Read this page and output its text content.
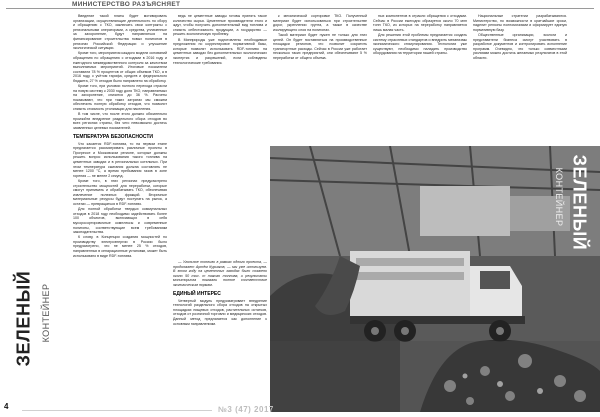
МИНИСТЕРСТВО РАЗЪЯСНЯЕТ
ЗЕЛЕНЫЙ КОНТЕЙНЕР

Введение такой платы будет мотивировать организации, осуществляющие деятельность по сбору и обращению с ТКО, заключать свои контракты с региональными операторами, а средства, уплаченные за захоронение, будут направляться на финансирование строительства новых полигонов в регионах Российской Федерации и улучшение экологической ситуации.

Кроме того, мероприятия каждого модели оснований обращению по обращению с отходами в 2016 году и ежегодного межведомственного контроля за качеством выполняемых мероприятий. Итоговые показатели составили 78 % процентов от общих объемов ТКО, а в 2016 году, с учётом тарифа, средств и федерального бюджета, 27 % отходов было направлено на обработку.

Кроме того, при условии полного перехода отрасли на новую систему к 2030 году доля ТКО, направляемых на захоронение, снизится до 36 %. Расчеты показывают, что при таких затратах мы сможем обеспечить полную обработку отходов, что позволит снизить стоимость утилизации для населения.

В том числе, что после этого должно обязательно произойти внедрение раздельного сбора отходов во всех регионах страны, без чего невозможно достичь заявленных целевых показателей.

ТЕМПЕРАТУРА БЕЗОПАСНОСТИ

Что касается RDF-топлива, то на первом этапе предлагается рассматривать различные проекты в Прогрессе и Московском регионе, которые должны решить вопрос использования такого топлива на цементных заводах и в региональных котельных. При этом температура сжигания должна составлять не менее 1200 °С, а время пребывания газов в зоне горения — не менее 2 секунд.

Кроме того, в этих регионах предусмотрено строительство мощностей для переработки, которые смогут принимать и обрабатывать ТКО, обеспечивая извлечение полезных фракций. Вторичные материальные ресурсы будут поступать на рынок, а остатки — превращаться в RDF-топливо.

Для полной обработки твердых коммунальных отходов в 2018 году необходимо задействовать более 100 объектов, включающих в себя мусоросортировочные комплексы и современные полигоны, соответствующие всем требованиям законодательства.

К слову, в Концепции создания мощностей по производству электроэнергии в России было предусмотрено, что не менее 25 % отходов, направленных в сепарационные установки, может быть использовано в виде RDF-топлива.

ведь не цементные заводы готовы принять такое количество сырья. Цементные производители этого и ждут, чтобы получить дополнительный вид топлива и снизить себестоимость продукции, а государство — решить экологическую проблему.

В Минприроды уже подготовлены необходимые предложения по корректировке нормативной базы, которые позволят использовать RDF-топливо на цементных заводах без дополнительных экологических экспертиз и разрешений, если соблюдены технологические требования.

— Угольное топливо в рамках одного проекта, — продолжает Артём Курьяков, — мы уже используем. В этом году на цементных заводах было сожжено около 50 тыс. т такого топлива, и результаты мониторинга показали полное соответствие экологическим нормам.

ЕДИНЫЙ ИНТЕРЕС

Четвертый модуль предусматривает внедрение технологий раздельного сбора отходов на открытых площадках пищевых отходов, растительных остатков, отходов от розничной торговли и медицинских отходов. Данный метод предлагается как дополнение к основным направлениям.

к механической сортировке ТКО. Полученный материал будет использоваться при строительстве дорог, укреплении грунта, а также в качестве изолирующего слоя на полигонах.

Такой материал будет нужен не только для этих целей. Он будет поставляться на производственные площадки регионов, что позволит сократить транспортные расходы. Сейчас в России уже работает несколько таких предприятий, они обеспечивают 5 % переработки от общего объема.

ных компонентов в отрасли обращения с отходами. Сейчас в России ежегодно образуется около 70 млн тонн ТКО, из которых на переработку направляется лишь малая часть.

Для решения этой проблемы предлагается создать систему отраслевых стандартов и внедрить механизмы экономического стимулирования. Технологии уже существуют, необходимо наладить производство оборудования на территории нашей страны.

Национальные стратегии разрабатываются. Министерство, по возможности в кратчайшие сроки, наделит регионы полномочиями и сформирует единую нормативную базу.

Общественные организации, экологи и представители бизнеса смогут участвовать в разработке документов и контролировать исполнение программ. Очевидно, что только совместными усилиями можно достичь желаемых результатов в этой области.

ЗЕЛЕНЫЙ
КОНТЕЙНЕР
4	№3 (47) 2017
